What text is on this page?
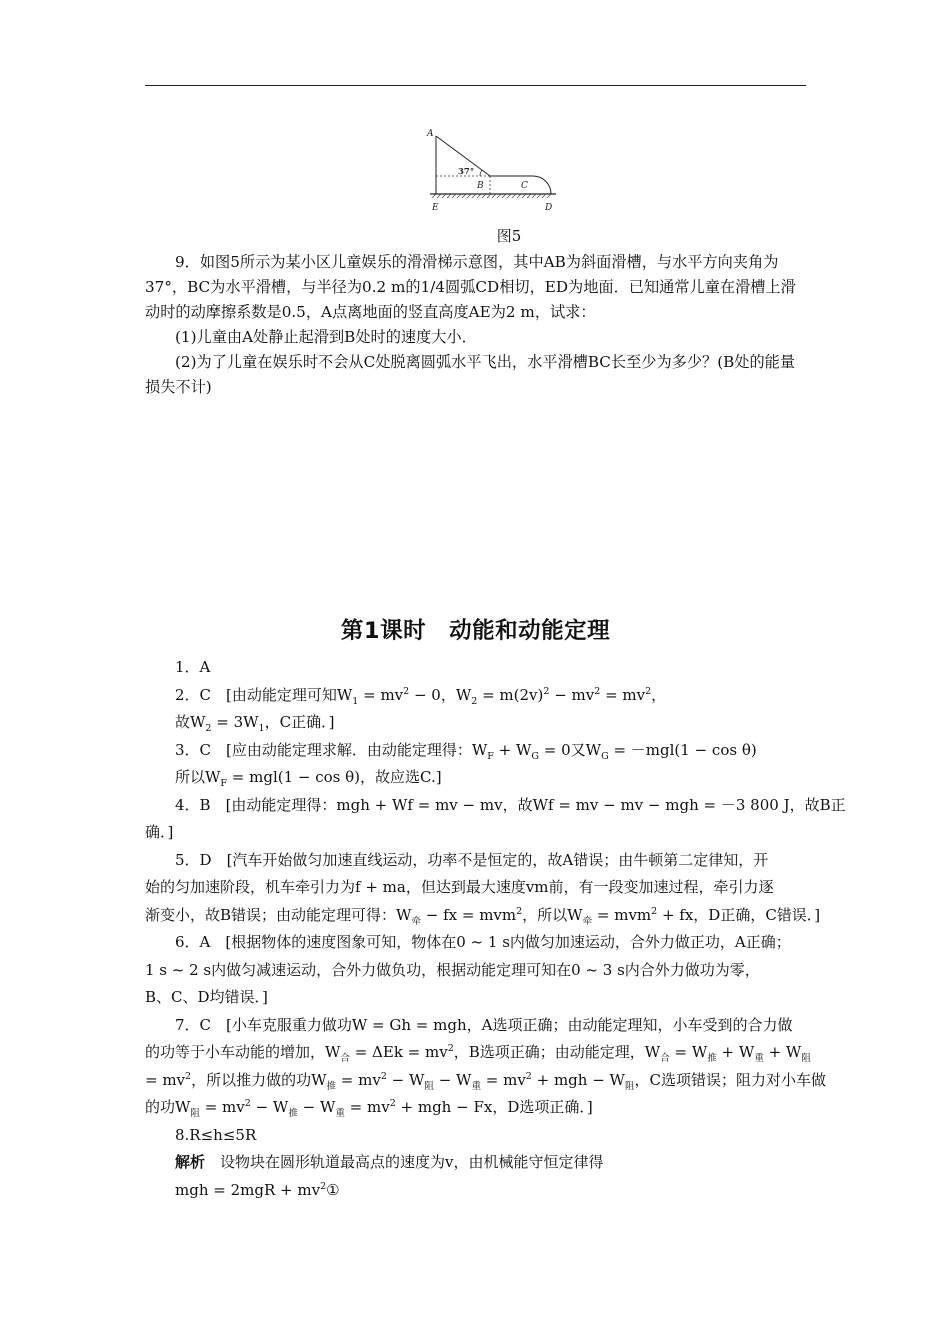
A
37°
B	C
E	D
图5

9．如图5所示为某小区儿童娱乐的滑滑梯示意图，其中AB为斜面滑槽，与水平方向夹角为37°，BC为水平滑槽，与半径为0.2 m的1/4圆弧CD相切，ED为地面．已知通常儿童在滑槽上滑动时的动摩擦系数是0.5，A点离地面的竖直高度AE为2 m，试求：

(1)儿童由A处静止起滑到B处时的速度大小．

(2)为了儿童在娱乐时不会从C处脱离圆弧水平飞出，水平滑槽BC长至少为多少？(B处的能量损失不计)

第1课时　动能和动能定理
1．A
2．C　[由动能定理可知$W_1 = mv^2 - 0$，$W_2 = m(2v)^2 - mv^2 = mv^2$，
故$W_2 = 3W_1$，C正确．]
3．C　[应由动能定理求解．由动能定理得：$W_F + W_G = 0$又$W_G = -mgl(1 - \cos \theta)$
所以$W_F = mgl(1 - \cos \theta)$，故应选C.]
4．B　[由动能定理得：mgh + Wf = mv − mv，故Wf = mv − mv − mgh = －3 800 J，故B正
确．]
5．D　[汽车开始做匀加速直线运动，功率不是恒定的，故A错误；由牛顿第二定律知，开
始的匀加速阶段，机车牵引力为f + ma，但达到最大速度vm前，有一段变加速过程，牵引力逐
渐变小，故B错误；由动能定理可得：$W_牵$ − fx = mvm$^2$，所以$W_牵 = mvm^2$ + fx，D正确，C错误．]
6．A　[根据物体的速度图象可知，物体在0 ~ 1 s内做匀加速运动，合外力做正功，A正确；
1 s ~ 2 s内做匀减速运动，合外力做负功，根据动能定理可知在0 ~ 3 s内合外力做功为零，
B、C、D均错误．]
7．C　[小车克服重力做功W = Gh = mgh，A选项正确；由动能定理知，小车受到的合力做
的功等于小车动能的增加，$W_合 = \Delta Ek = mv^2$，B选项正确；由动能定理，$W_合 = W_推 + W_重 + W_阻$
= $mv^2$，所以推力做的功$W_推 = mv^2 - W_阻 - W_重 = mv^2$ + mgh − $W_阻$，C选项错误；阻力对小车做
的功$W_阻 = mv^2 - W_推 - W_重 = mv^2$ + mgh − Fx，D选项正确．]
8.R≤h≤5R
解析　设物块在圆形轨道最高点的速度为v，由机械能守恒定律得
mgh = $2mgR + mv^2①$
